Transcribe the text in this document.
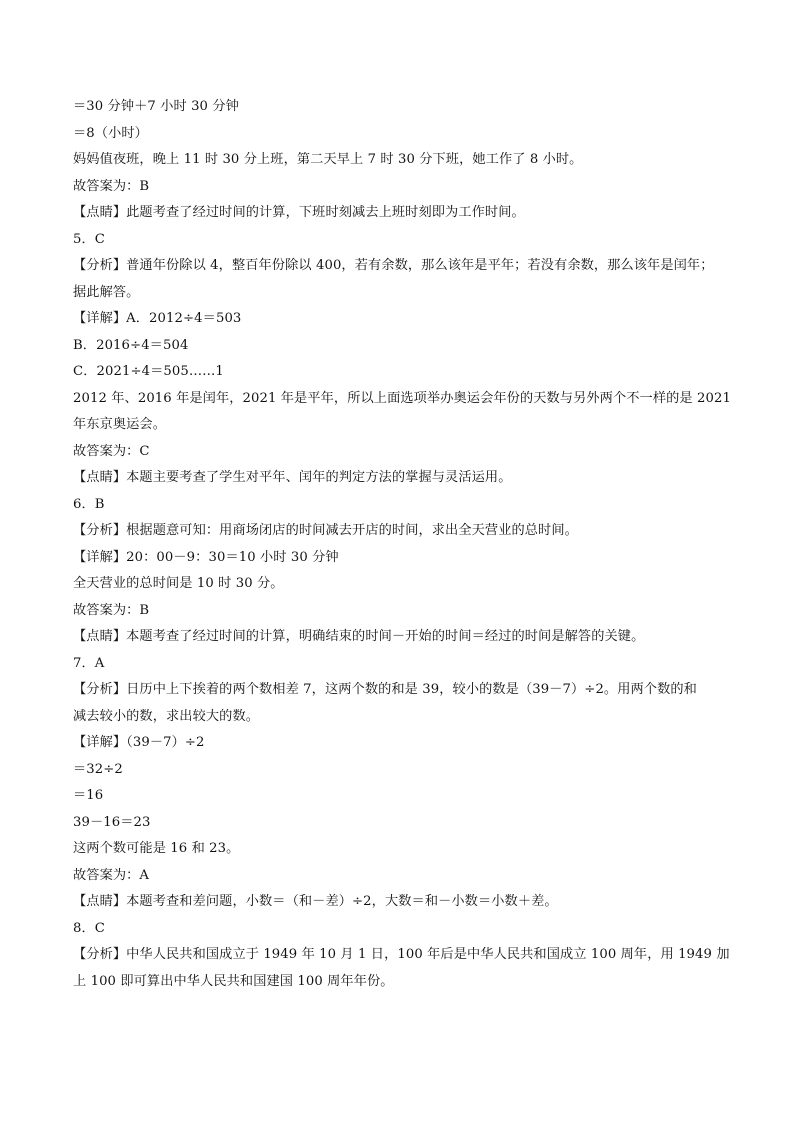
＝30 分钟＋7 小时 30 分钟
＝8（小时）
妈妈值夜班，晚上 11 时 30 分上班，第二天早上 7 时 30 分下班，她工作了 8 小时。
故答案为：B
【点睛】此题考查了经过时间的计算，下班时刻减去上班时刻即为工作时间。
5．C
【分析】普通年份除以 4，整百年份除以 400，若有余数，那么该年是平年；若没有余数，那么该年是闰年；
据此解答。
【详解】A．2012÷4＝503
B．2016÷4＝504
C．2021÷4＝505……1
2012 年、2016 年是闰年，2021 年是平年，所以上面选项举办奥运会年份的天数与另外两个不一样的是 2021
年东京奥运会。
故答案为：C
【点睛】本题主要考查了学生对平年、闰年的判定方法的掌握与灵活运用。
6．B
【分析】根据题意可知：用商场闭店的时间减去开店的时间，求出全天营业的总时间。
【详解】20：00－9：30＝10 小时 30 分钟
全天营业的总时间是 10 时 30 分。
故答案为：B
【点睛】本题考查了经过时间的计算，明确结束的时间－开始的时间＝经过的时间是解答的关键。
7．A
【分析】日历中上下挨着的两个数相差 7，这两个数的和是 39，较小的数是（39－7）÷2。用两个数的和
减去较小的数，求出较大的数。
【详解】（39－7）÷2
＝32÷2
＝16
39－16＝23
这两个数可能是 16 和 23。
故答案为：A
【点睛】本题考查和差问题，小数＝（和－差）÷2，大数＝和－小数＝小数＋差。
8．C
【分析】中华人民共和国成立于 1949 年 10 月 1 日，100 年后是中华人民共和国成立 100 周年，用 1949 加
上 100 即可算出中华人民共和国建国 100 周年年份。
